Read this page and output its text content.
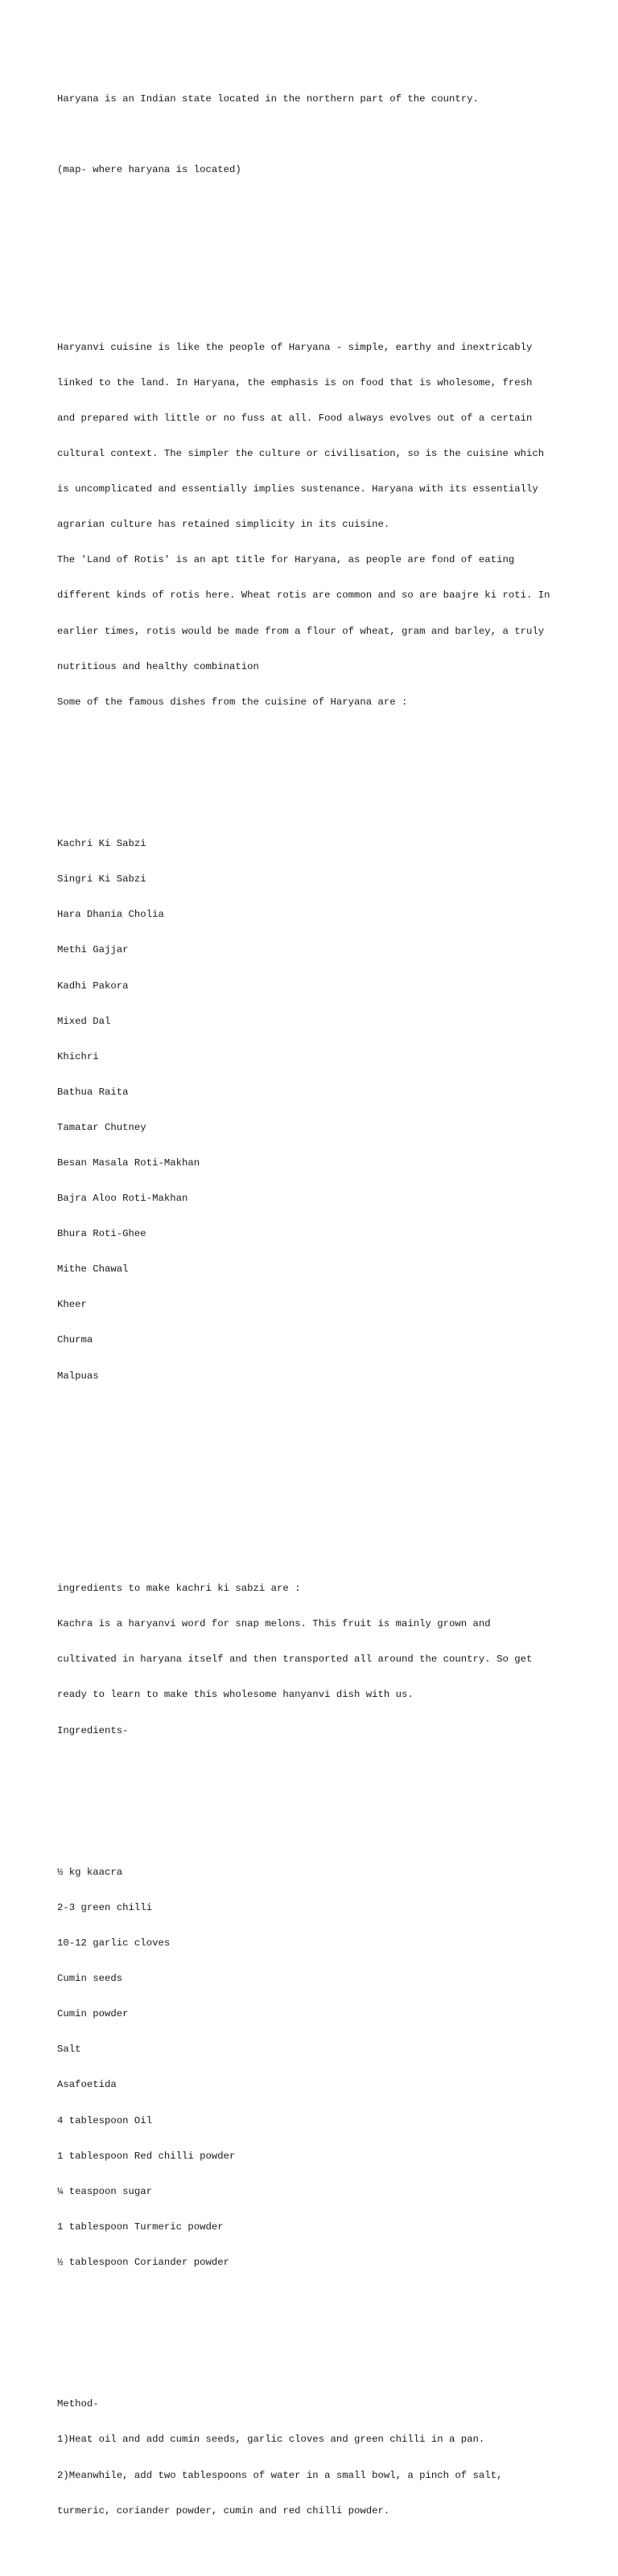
Haryana is an Indian state located in the northern part of the country.

(map- where haryana is located)

Haryanvi cuisine is like the people of Haryana - simple, earthy and inextricably

linked to the land. In Haryana, the emphasis is on food that is wholesome, fresh

and prepared with little or no fuss at all. Food always evolves out of a certain

cultural context. The simpler the culture or civilisation, so is the cuisine which

is uncomplicated and essentially implies sustenance. Haryana with its essentially

agrarian culture has retained simplicity in its cuisine.

The 'Land of Rotis' is an apt title for Haryana, as people are fond of eating

different kinds of rotis here. Wheat rotis are common and so are baajre ki roti. In

earlier times, rotis would be made from a flour of wheat, gram and barley, a truly

nutritious and healthy combination

Some of the famous dishes from the cuisine of Haryana are :

Kachri Ki Sabzi

Singri Ki Sabzi

Hara Dhania Cholia

Methi Gajjar

Kadhi Pakora

Mixed Dal

Khichri

Bathua Raita

Tamatar Chutney

Besan Masala Roti-Makhan

Bajra Aloo Roti-Makhan

Bhura Roti-Ghee

Mithe Chawal

Kheer

Churma

Malpuas

ingredients to make kachri ki sabzi are :

Kachra is a haryanvi word for snap melons. This fruit is mainly grown and

cultivated in haryana itself and then transported all around the country. So get

ready to learn to make this wholesome hanyanvi dish with us.

Ingredients-

½ kg kaacra

2-3 green chilli

10-12 garlic cloves

Cumin seeds

Cumin powder

Salt

Asafoetida

4 tablespoon Oil

1 tablespoon Red chilli powder

¼ teaspoon sugar

1 tablespoon Turmeric powder

½ tablespoon Coriander powder

Method-

1)Heat oil and add cumin seeds, garlic cloves and green chilli in a pan.

2)Meanwhile, add two tablespoons of water in a small bowl, a pinch of salt,

turmeric, coriander powder, cumin and red chilli powder.
